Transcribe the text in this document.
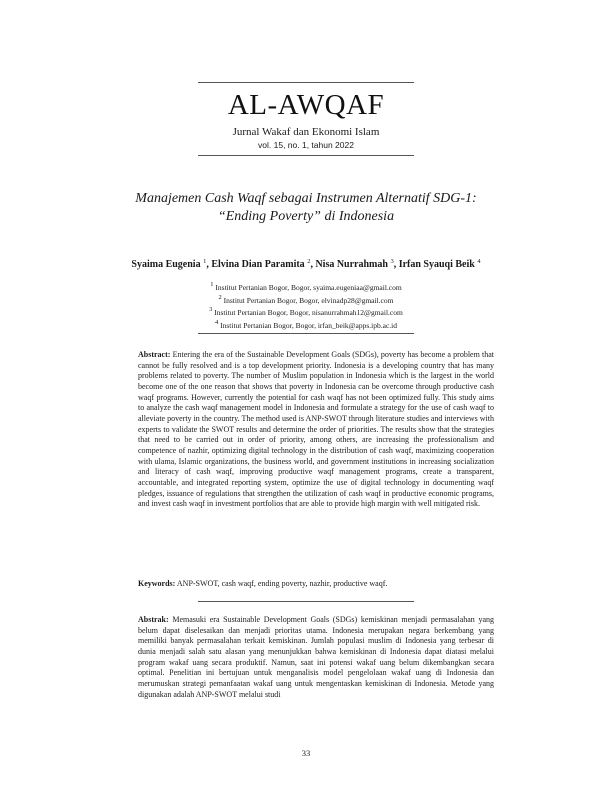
AL-AWQAF
Jurnal Wakaf dan Ekonomi Islam
vol. 15, no. 1, tahun 2022
Manajemen Cash Waqf sebagai Instrumen Alternatif SDG-1:
“Ending Poverty” di Indonesia
Syaima Eugenia $^1$, Elvina Dian Paramita $^2$, Nisa Nurrahmah $^3$, Irfan Syauqi Beik $^4$
$^1$ Institut Pertanian Bogor, Bogor, syaima.eugeniaa@gmail.com
$^2$ Institut Pertanian Bogor, Bogor, elvinadp28@gmail.com
$^3$ Institut Pertanian Bogor, Bogor, nisanurrahmah12@gmail.com
$^4$ Institut Pertanian Bogor, Bogor, irfan_beik@apps.ipb.ac.id
Abstract: Entering the era of the Sustainable Development Goals (SDGs), poverty has become a problem that cannot be fully resolved and is a top development priority. Indonesia is a developing country that has many problems related to poverty. The number of Muslim population in Indonesia which is the largest in the world become one of the one reason that shows that poverty in Indonesia can be overcome through productive cash waqf programs. However, currently the potential for cash waqf has not been optimized fully. This study aims to analyze the cash waqf management model in Indonesia and formulate a strategy for the use of cash waqf to alleviate poverty in the country. The method used is ANP-SWOT through literature studies and interviews with experts to validate the SWOT results and determine the order of priorities. The results show that the strategies that need to be carried out in order of priority, among others, are increasing the professionalism and competence of nazhir, optimizing digital technology in the distribution of cash waqf, maximizing cooperation with ulama, Islamic organizations, the business world, and government institutions in increasing socialization and literacy of cash waqf, improving productive waqf management programs, create a transparent, accountable, and integrated reporting system, optimize the use of digital technology in documenting waqf pledges, issuance of regulations that strengthen the utilization of cash waqf in productive economic programs, and invest cash waqf in investment portfolios that are able to provide high margin with well mitigated risk.
Keywords: ANP-SWOT, cash waqf, ending poverty, nazhir, productive waqf.
Abstrak: Memasuki era Sustainable Development Goals (SDGs) kemiskinan menjadi permasalahan yang belum dapat diselesaikan dan menjadi prioritas utama. Indonesia merupakan negara berkembang yang memiliki banyak permasalahan terkait kemiskinan. Jumlah populasi muslim di Indonesia yang terbesar di dunia menjadi salah satu alasan yang menunjukkan bahwa kemiskinan di Indonesia dapat diatasi melalui program wakaf uang secara produktif. Namun, saat ini potensi wakaf uang belum dikembangkan secara optimal. Penelitian ini bertujuan untuk menganalisis model pengelolaan wakaf uang di Indonesia dan merumuskan strategi pemanfaatan wakaf uang untuk mengentaskan kemiskinan di Indonesia. Metode yang digunakan adalah ANP-SWOT melalui studi
33
